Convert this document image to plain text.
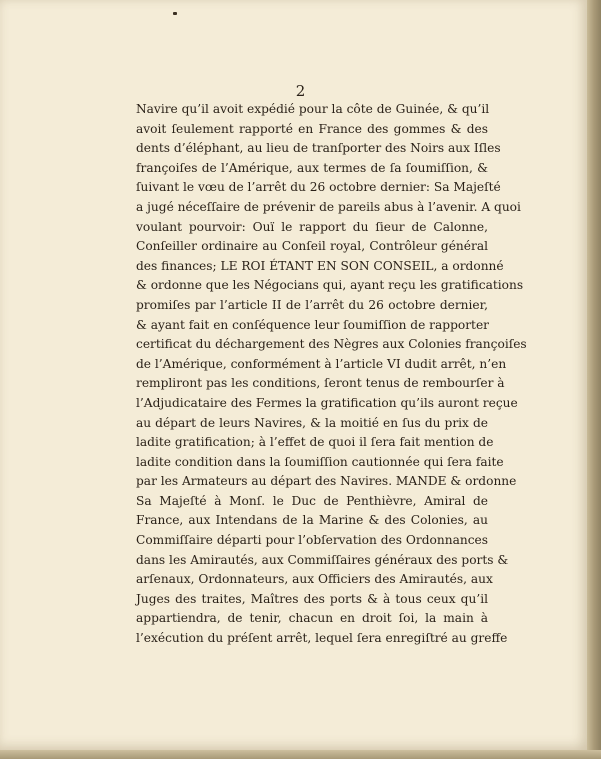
2
Navire qu’il avoit expédié pour la côte de Guinée, & qu’il
avoit ſeulement rapporté en France des gommes & des
dents d’éléphant, au lieu de tranſporter des Noirs aux Iſles
françoiſes de l’Amérique, aux termes de ſa ſoumiſſion, &
ſuivant le vœu de l’arrêt du 26 octobre dernier: Sa Majeſté
a jugé néceſſaire de prévenir de pareils abus à l’avenir. A quoi
voulant pourvoir: Ouï le rapport du ſieur de Calonne,
Conſeiller ordinaire au Conſeil royal, Contrôleur général
des finances; LE ROI ÉTANT EN SON CONSEIL, a ordonné
& ordonne que les Négocians qui, ayant reçu les gratifications
promiſes par l’article II de l’arrêt du 26 octobre dernier,
& ayant fait en conſéquence leur ſoumiſſion de rapporter
certificat du déchargement des Nègres aux Colonies françoiſes
de l’Amérique, conformément à l’article VI dudit arrêt, n’en
rempliront pas les conditions, ſeront tenus de rembourſer à
l’Adjudicataire des Fermes la gratification qu’ils auront reçue
au départ de leurs Navires, & la moitié en ſus du prix de
ladite gratification; à l’effet de quoi il ſera fait mention de
ladite condition dans la ſoumiſſion cautionnée qui ſera faite
par les Armateurs au départ des Navires. MANDE & ordonne
Sa Majeſté à Monſ. le Duc de Penthièvre, Amiral de
France, aux Intendans de la Marine & des Colonies, au
Commiſſaire départi pour l’obſervation des Ordonnances
dans les Amirautés, aux Commiſſaires généraux des ports &
arſenaux, Ordonnateurs, aux Officiers des Amirautés, aux
Juges des traites, Maîtres des ports & à tous ceux qu’il
appartiendra, de tenir, chacun en droit ſoi, la main à
l’exécution du préſent arrêt, lequel ſera enregiſtré au greffe
